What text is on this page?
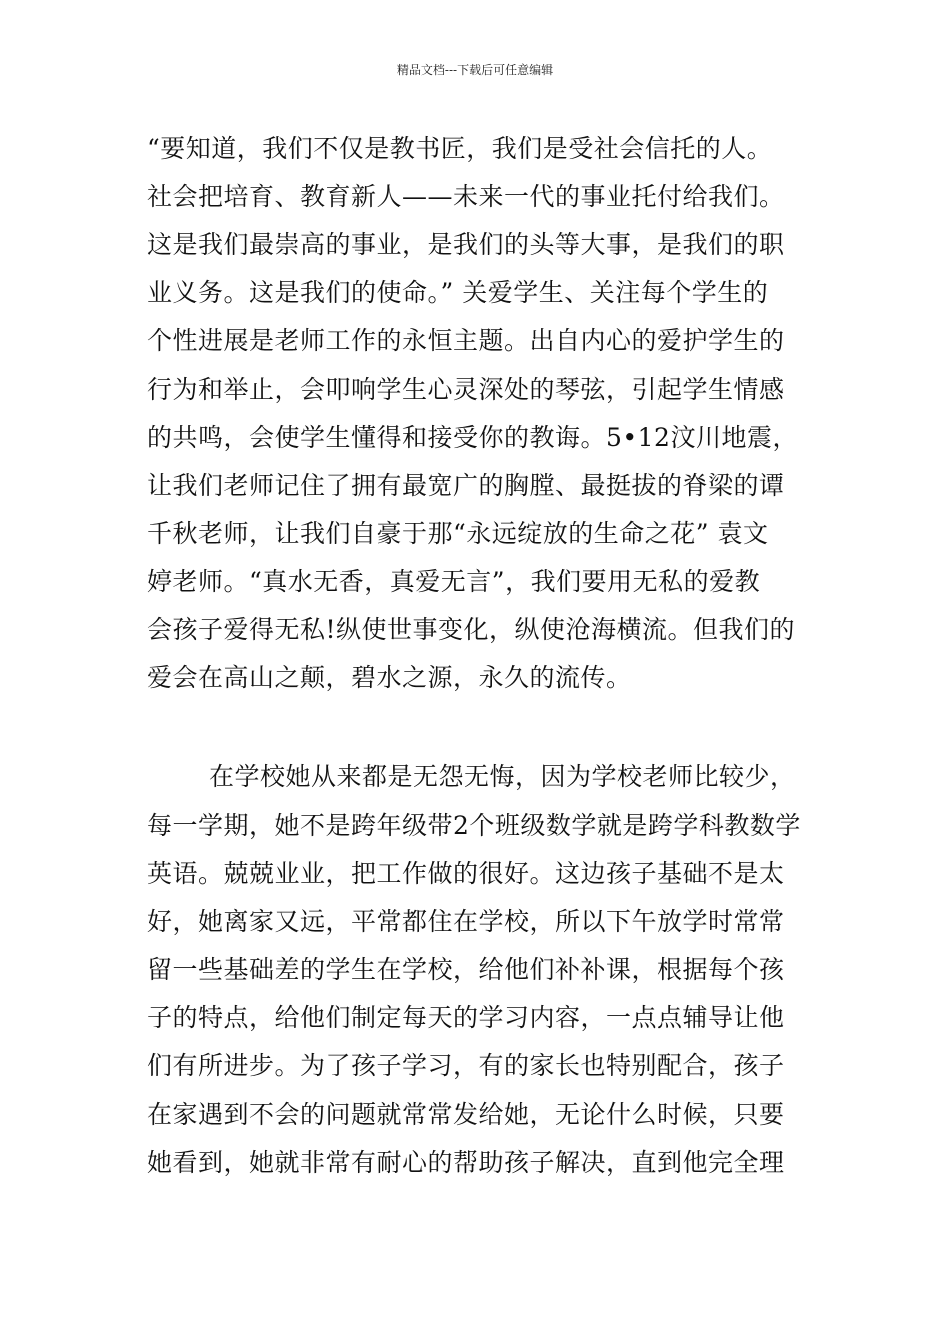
精品文档---下载后可任意编辑
“要知道，我们不仅是教书匠，我们是受社会信托的人。
社会把培育、教育新人——未来一代的事业托付给我们。
这是我们最崇高的事业，是我们的头等大事，是我们的职
业义务。这是我们的使命。” 关爱学生、关注每个学生的
个性进展是老师工作的永恒主题。出自内心的爱护学生的
行为和举止，会叩响学生心灵深处的琴弦，引起学生情感
的共鸣，会使学生懂得和接受你的教诲。5•12汶川地震，
让我们老师记住了拥有最宽广的胸膛、最挺拔的脊梁的谭
千秋老师，让我们自豪于那“永远绽放的生命之花” 袁文
婷老师。“真水无香，真爱无言”，我们要用无私的爱教
会孩子爱得无私!纵使世事变化，纵使沧海横流。但我们的
爱会在高山之颠，碧水之源，永久的流传。
在学校她从来都是无怨无悔，因为学校老师比较少，
每一学期，她不是跨年级带2个班级数学就是跨学科教数学
英语。兢兢业业，把工作做的很好。这边孩子基础不是太
好，她离家又远，平常都住在学校，所以下午放学时常常
留一些基础差的学生在学校，给他们补补课，根据每个孩
子的特点，给他们制定每天的学习内容，一点点辅导让他
们有所进步。为了孩子学习，有的家长也特别配合，孩子
在家遇到不会的问题就常常发给她，无论什么时候，只要
她看到，她就非常有耐心的帮助孩子解决，直到他完全理
